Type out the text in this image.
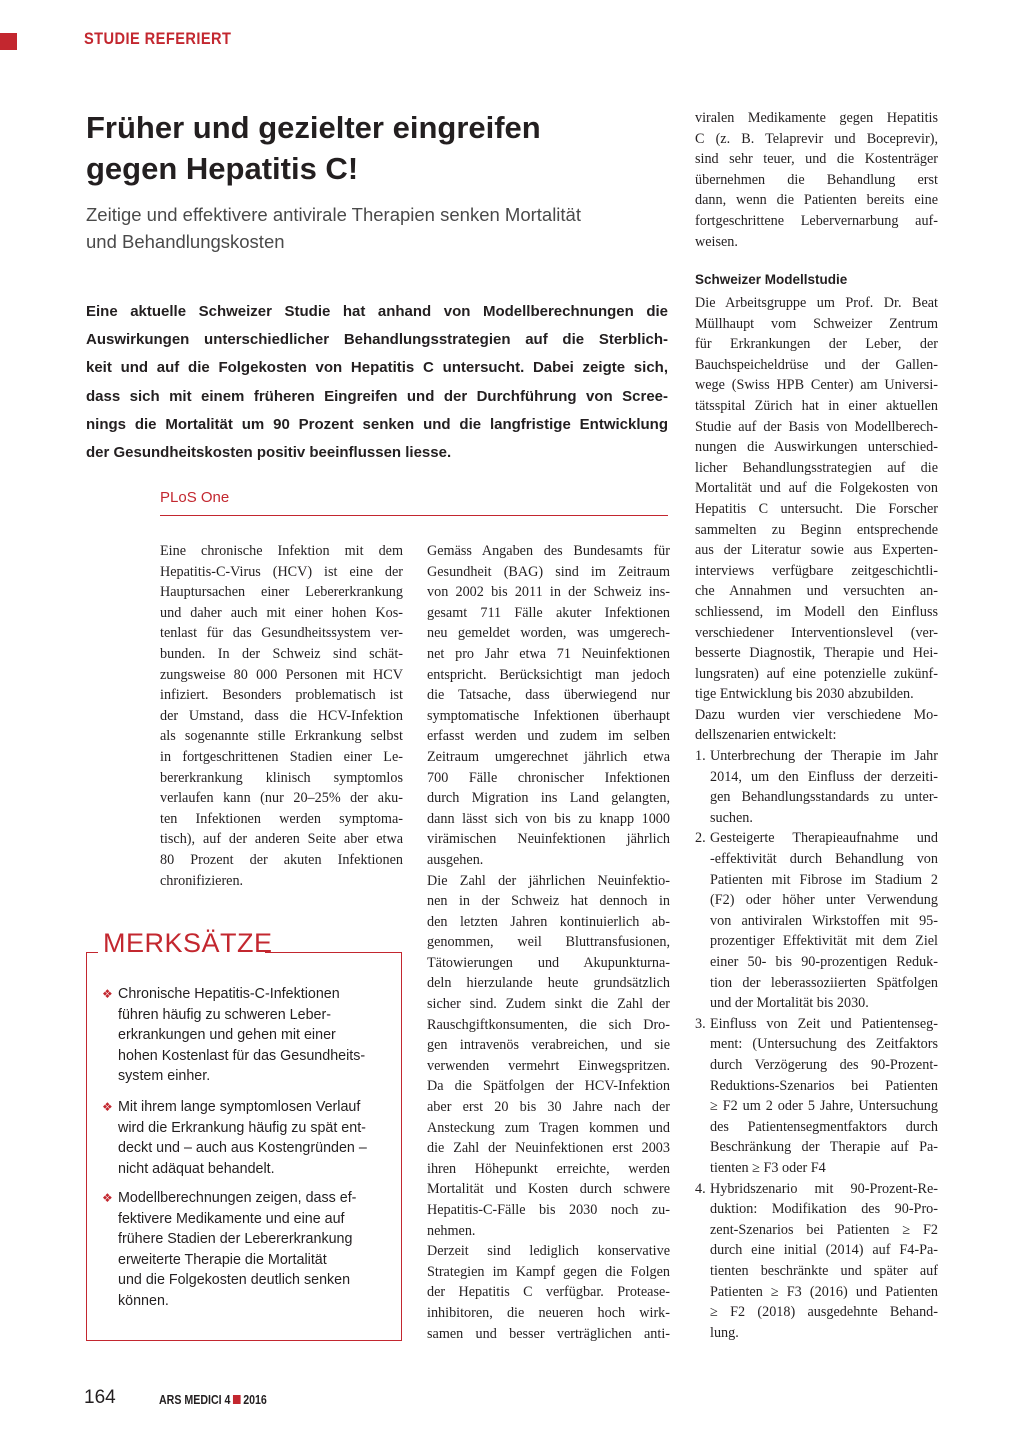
STUDIE REFERIERT
Früher und gezielter eingreifen
gegen Hepatitis C!
Zeitige und effektivere antivirale Therapien senken Mortalität
und Behandlungskosten
Eine aktuelle Schweizer Studie hat anhand von Modellberechnungen die
Auswirkungen unterschiedlicher Behandlungsstrategien auf die Sterblich-
keit und auf die Folgekosten von Hepatitis C untersucht. Dabei zeigte sich,
dass sich mit einem früheren Eingreifen und der Durchführung von Scree-
nings die Mortalität um 90 Prozent senken und die langfristige Entwicklung
der Gesundheitskosten positiv beeinflussen liesse.
PLoS One
Eine chronische Infektion mit dem
Hepatitis-C-Virus (HCV) ist eine der
Hauptursachen einer Lebererkrankung
und daher auch mit einer hohen Kos-
tenlast für das Gesundheitssystem ver-
bunden. In der Schweiz sind schät-
zungsweise 80 000 Personen mit HCV
infiziert. Besonders problematisch ist
der Umstand, dass die HCV-Infektion
als sogenannte stille Erkrankung selbst
in fortgeschrittenen Stadien einer Le-
bererkrankung klinisch symptomlos
verlaufen kann (nur 20–25% der aku-
ten Infektionen werden symptoma-
tisch), auf der anderen Seite aber etwa
80 Prozent der akuten Infektionen
chronifizieren.
Gemäss Angaben des Bundesamts für
Gesundheit (BAG) sind im Zeitraum
von 2002 bis 2011 in der Schweiz ins-
gesamt 711 Fälle akuter Infektionen
neu gemeldet worden, was umgerech-
net pro Jahr etwa 71 Neuinfektionen
entspricht. Berücksichtigt man jedoch
die Tatsache, dass überwiegend nur
symptomatische Infektionen überhaupt
erfasst werden und zudem im selben
Zeitraum umgerechnet jährlich etwa
700 Fälle chronischer Infektionen
durch Migration ins Land gelangten,
dann lässt sich von bis zu knapp 1000
virämischen Neuinfektionen jährlich
ausgehen.
Die Zahl der jährlichen Neuinfektio-
nen in der Schweiz hat dennoch in
den letzten Jahren kontinuierlich ab-
genommen, weil Bluttransfusionen,
Tätowierungen und Akupunkturna-
deln hierzulande heute grundsätzlich
sicher sind. Zudem sinkt die Zahl der
Rauschgiftkonsumenten, die sich Dro-
gen intravenös verabreichen, und sie
verwenden vermehrt Einwegspritzen.
Da die Spätfolgen der HCV-Infektion
aber erst 20 bis 30 Jahre nach der
Ansteckung zum Tragen kommen und
die Zahl der Neuinfektionen erst 2003
ihren Höhepunkt erreichte, werden
Mortalität und Kosten durch schwere
Hepatitis-C-Fälle bis 2030 noch zu-
nehmen.
Derzeit sind lediglich konservative
Strategien im Kampf gegen die Folgen
der Hepatitis C verfügbar. Protease-
inhibitoren, die neueren hoch wirk-
samen und besser verträglichen anti-
viralen Medikamente gegen Hepatitis
C (z. B. Telaprevir und Boceprevir),
sind sehr teuer, und die Kostenträger
übernehmen die Behandlung erst
dann, wenn die Patienten bereits eine
fortgeschrittene Lebervernarbung auf-
weisen.
Schweizer Modellstudie
Die Arbeitsgruppe um Prof. Dr. Beat
Müllhaupt vom Schweizer Zentrum
für Erkrankungen der Leber, der
Bauchspeicheldrüse und der Gallen-
wege (Swiss HPB Center) am Universi-
tätsspital Zürich hat in einer aktuellen
Studie auf der Basis von Modellberech-
nungen die Auswirkungen unterschied-
licher Behandlungsstrategien auf die
Mortalität und auf die Folgekosten von
Hepatitis C untersucht. Die Forscher
sammelten zu Beginn entsprechende
aus der Literatur sowie aus Experten-
interviews verfügbare zeitgeschichtli-
che Annahmen und versuchten an-
schliessend, im Modell den Einfluss
verschiedener Interventionslevel (ver-
besserte Diagnostik, Therapie und Hei-
lungsraten) auf eine potenzielle zukünf-
tige Entwicklung bis 2030 abzubilden.
Dazu wurden vier verschiedene Mo-
dellszenarien entwickelt:
1. Unterbrechung der Therapie im Jahr
2014, um den Einfluss der derzeiti-
gen Behandlungsstandards zu unter-
suchen.
2. Gesteigerte Therapieaufnahme und
-effektivität durch Behandlung von
Patienten mit Fibrose im Stadium 2
(F2) oder höher unter Verwendung
von antiviralen Wirkstoffen mit 95-
prozentiger Effektivität mit dem Ziel
einer 50- bis 90-prozentigen Reduk-
tion der leberassoziierten Spätfolgen
und der Mortalität bis 2030.
3. Einfluss von Zeit und Patientenseg-
ment: (Untersuchung des Zeitfaktors
durch Verzögerung des 90-Prozent-
Reduktions-Szenarios bei Patienten
≥ F2 um 2 oder 5 Jahre, Untersuchung
des Patientensegmentfaktors durch
Beschränkung der Therapie auf Pa-
tienten ≥ F3 oder F4
4. Hybridszenario mit 90-Prozent-Re-
duktion: Modifikation des 90-Pro-
zent-Szenarios bei Patienten ≥ F2
durch eine initial (2014) auf F4-Pa-
tienten beschränkte und später auf
Patienten ≥ F3 (2016) und Patienten
≥ F2 (2018) ausgedehnte Behand-
lung.
MERKSÄTZE
❖ Chronische Hepatitis-C-Infektionen
führen häufig zu schweren Leber-
erkrankungen und gehen mit einer
hohen Kostenlast für das Gesundheits-
system einher.
❖ Mit ihrem lange symptomlosen Verlauf
wird die Erkrankung häufig zu spät ent-
deckt und – auch aus Kostengründen –
nicht adäquat behandelt.
❖ Modellberechnungen zeigen, dass ef-
fektivere Medikamente und eine auf
frühere Stadien der Lebererkrankung
erweiterte Therapie die Mortalität
und die Folgekosten deutlich senken
können.
164	ARS MEDICI 4 2016
